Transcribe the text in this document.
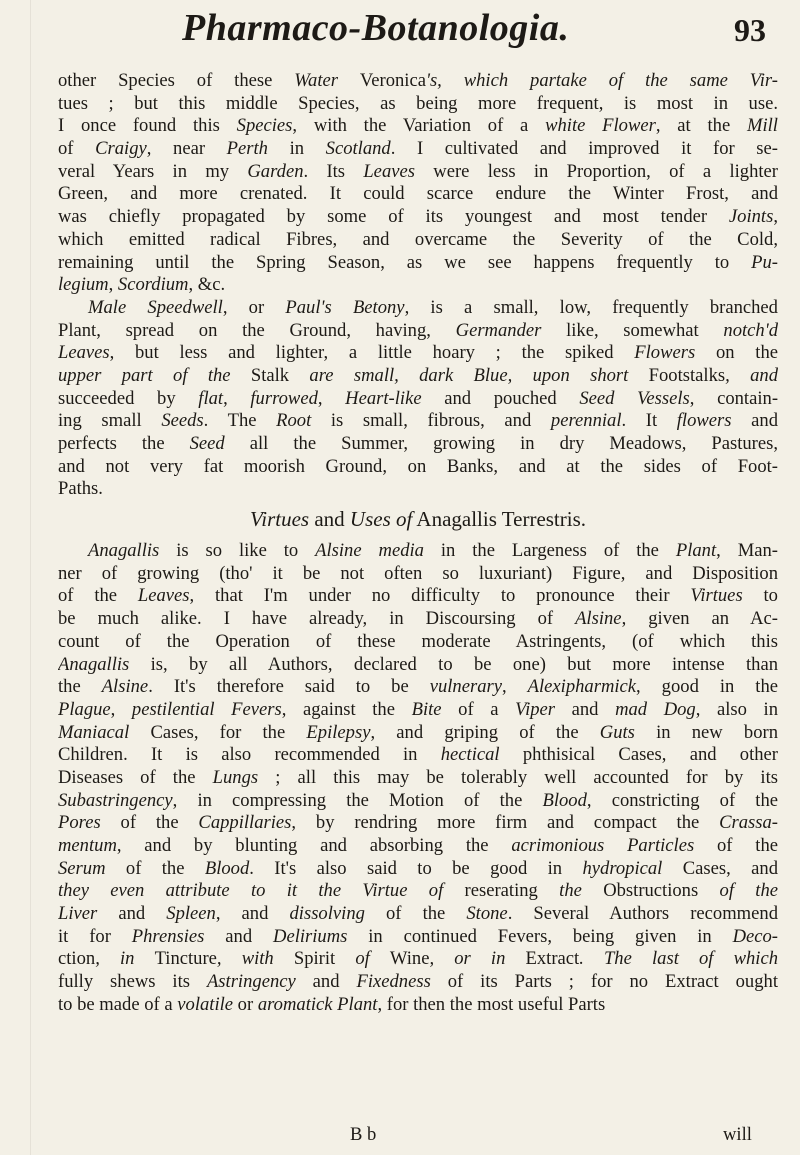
Pharmaco-Botanologia.	93
other Species of these Water Veronica's, which partake of the same Vir-
tues ; but this middle Species, as being more frequent, is most in use.
I once found this Species, with the Variation of a white Flower, at the Mill
of Craigy, near Perth in Scotland. I cultivated and improved it for se-
veral Years in my Garden. Its Leaves were less in Proportion, of a lighter
Green, and more crenated. It could scarce endure the Winter Frost, and
was chiefly propagated by some of its youngest and most tender Joints,
which emitted radical Fibres, and overcame the Severity of the Cold,
remaining until the Spring Season, as we see happens frequently to Pu-
legium, Scordium, &c.
Male Speedwell, or Paul's Betony, is a small, low, frequently branched
Plant, spread on the Ground, having, Germander like, somewhat notch'd
Leaves, but less and lighter, a little hoary ; the spiked Flowers on the
upper part of the Stalk are small, dark Blue, upon short Footstalks, and
succeeded by flat, furrowed, Heart-like and pouched Seed Vessels, contain-
ing small Seeds. The Root is small, fibrous, and perennial. It flowers and
perfects the Seed all the Summer, growing in dry Meadows, Pastures,
and not very fat moorish Ground, on Banks, and at the sides of Foot-
Paths.
Virtues and Uses of Anagallis Terrestris.
Anagallis is so like to Alsine media in the Largeness of the Plant, Man-
ner of growing (tho' it be not often so luxuriant) Figure, and Disposition
of the Leaves, that I'm under no difficulty to pronounce their Virtues to
be much alike. I have already, in Discoursing of Alsine, given an Ac-
count of the Operation of these moderate Astringents, (of which this
Anagallis is, by all Authors, declared to be one) but more intense than
the Alsine. It's therefore said to be vulnerary, Alexipharmick, good in the
Plague, pestilential Fevers, against the Bite of a Viper and mad Dog, also in
Maniacal Cases, for the Epilepsy, and griping of the Guts in new born
Children. It is also recommended in hectical phthisical Cases, and other
Diseases of the Lungs ; all this may be tolerably well accounted for by its
Subastringency, in compressing the Motion of the Blood, constricting of the
Pores of the Cappillaries, by rendring more firm and compact the Crassa-
mentum, and by blunting and absorbing the acrimonious Particles of the
Serum of the Blood. It's also said to be good in hydropical Cases, and
they even attribute to it the Virtue of reserating the Obstructions of the
Liver and Spleen, and dissolving of the Stone. Several Authors recommend
it for Phrensies and Deliriums in continued Fevers, being given in Deco-
ction, in Tincture, with Spirit of Wine, or in Extract. The last of which
fully shews its Astringency and Fixedness of its Parts ; for no Extract ought
to be made of a volatile or aromatick Plant, for then the most useful Parts
B b	will
